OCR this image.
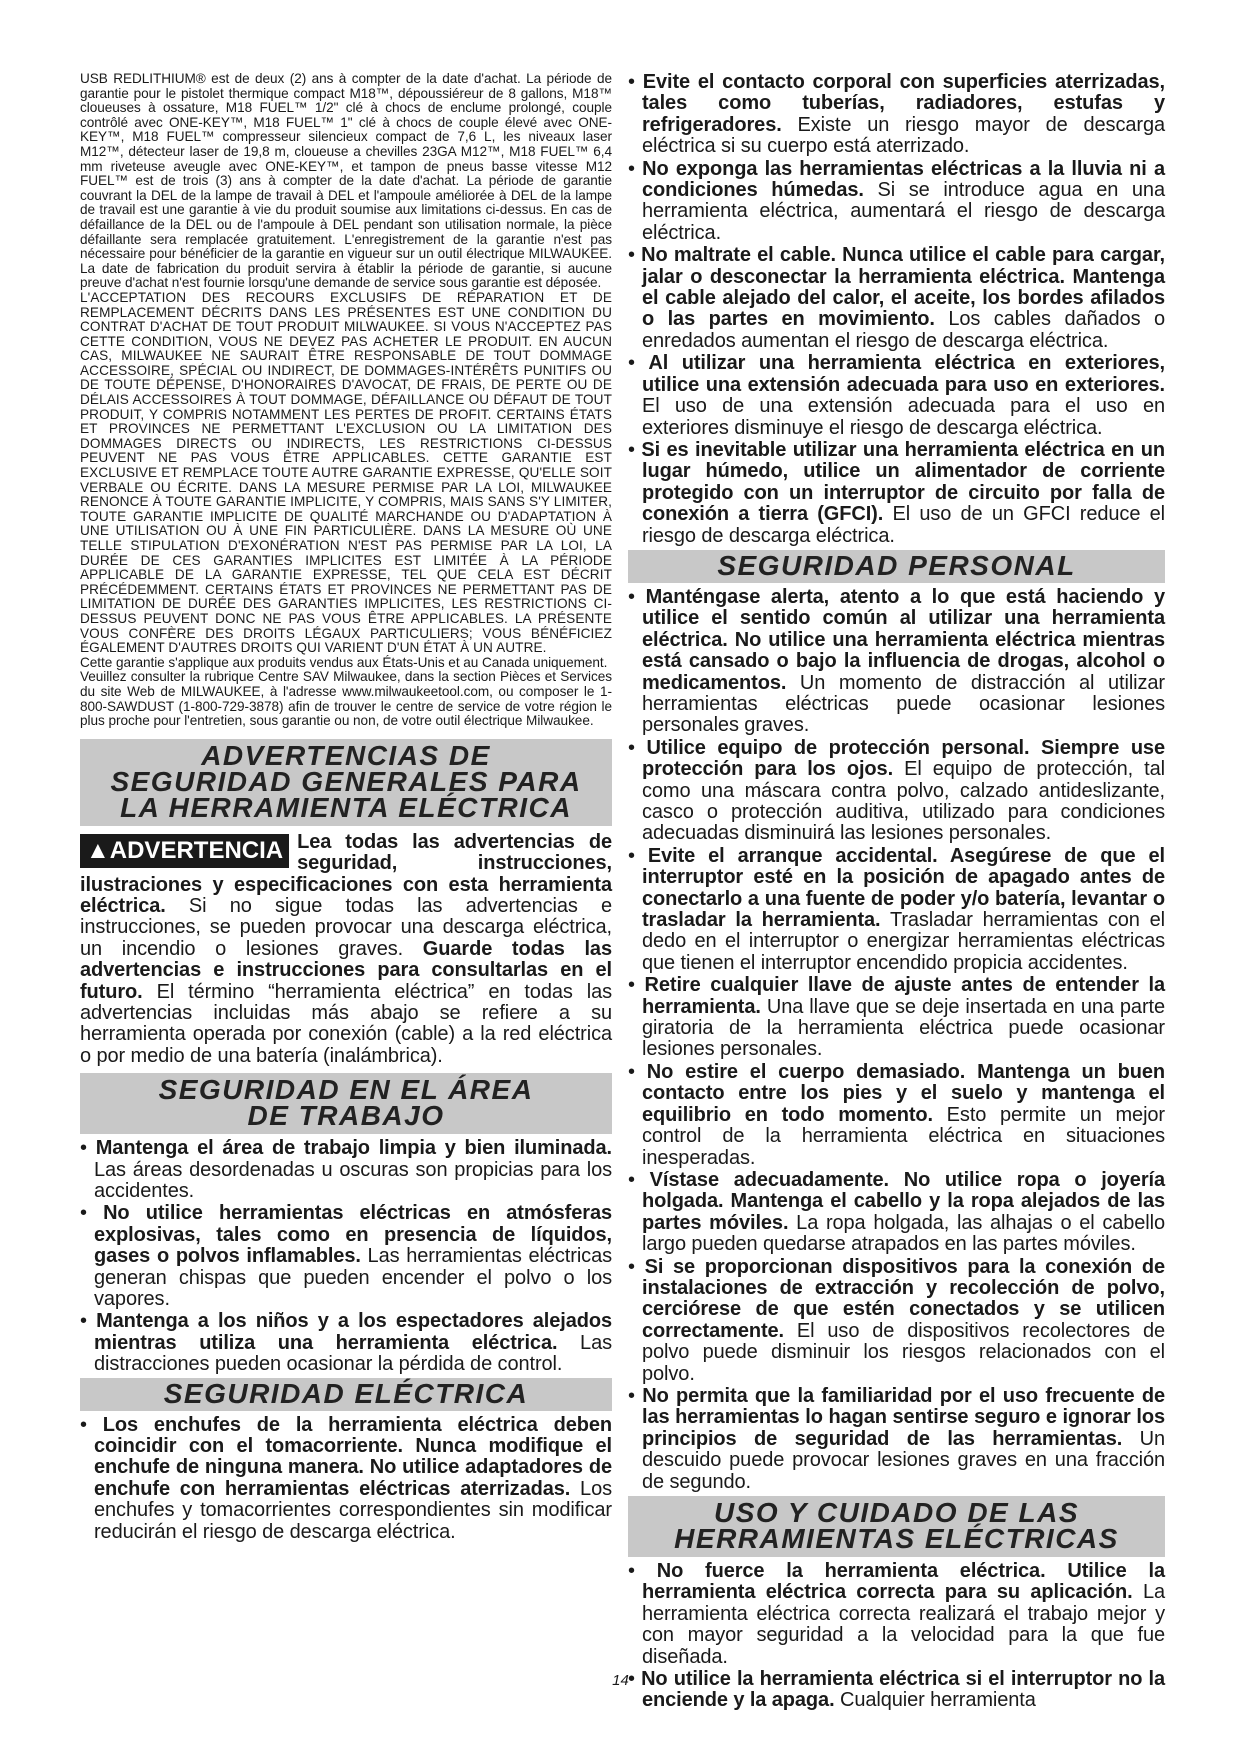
USB REDLITHIUM® est de deux (2) ans à compter de la date d'achat. La période de garantie pour le pistolet thermique compact M18™, dépoussiéreur de 8 gallons, M18™ cloueuses à ossature, M18 FUEL™ 1/2" clé à chocs de enclume prolongé, couple contrôlé avec ONE-KEY™, M18 FUEL™ 1" clé à chocs de couple élevé avec ONE-KEY™, M18 FUEL™ compresseur silencieux compact de 7,6 L, les niveaux laser M12™, détecteur laser de 19,8 m, cloueuse a chevilles 23GA M12™, M18 FUEL™ 6,4 mm riveteuse aveugle avec ONE-KEY™, et tampon de pneus basse vitesse M12 FUEL™ est de trois (3) ans à compter de la date d'achat. La période de garantie couvrant la DEL de la lampe de travail à DEL et l'ampoule améliorée à DEL de la lampe de travail est une garantie à vie du produit soumise aux limitations ci-dessus. En cas de défaillance de la DEL ou de l'ampoule à DEL pendant son utilisation normale, la pièce défaillante sera remplacée gratuitement. L'enregistrement de la garantie n'est pas nécessaire pour bénéficier de la garantie en vigueur sur un outil électrique MILWAUKEE. La date de fabrication du produit servira à établir la période de garantie, si aucune preuve d'achat n'est fournie lorsqu'une demande de service sous garantie est déposée.

L'ACCEPTATION DES RECOURS EXCLUSIFS DE RÉPARATION ET DE REMPLACEMENT DÉCRITS DANS LES PRÉSENTES EST UNE CONDITION DU CONTRAT D'ACHAT DE TOUT PRODUIT MILWAUKEE. SI VOUS N'ACCEPTEZ PAS CETTE CONDITION, VOUS NE DEVEZ PAS ACHETER LE PRODUIT. EN AUCUN CAS, MILWAUKEE NE SAURAIT ÊTRE RESPONSABLE DE TOUT DOMMAGE ACCESSOIRE, SPÉCIAL OU INDIRECT, DE DOMMAGES-INTÉRÊTS PUNITIFS OU DE TOUTE DÉPENSE, D'HONORAIRES D'AVOCAT, DE FRAIS, DE PERTE OU DE DÉLAIS ACCESSOIRES À TOUT DOMMAGE, DÉFAILLANCE OU DÉFAUT DE TOUT PRODUIT, Y COMPRIS NOTAMMENT LES PERTES DE PROFIT. CERTAINS ÉTATS ET PROVINCES NE PERMETTANT L'EXCLUSION OU LA LIMITATION DES DOMMAGES DIRECTS OU INDIRECTS, LES RESTRICTIONS CI-DESSUS PEUVENT NE PAS VOUS ÊTRE APPLICABLES. CETTE GARANTIE EST EXCLUSIVE ET REMPLACE TOUTE AUTRE GARANTIE EXPRESSE, QU'ELLE SOIT VERBALE OU ÉCRITE. DANS LA MESURE PERMISE PAR LA LOI, MILWAUKEE RENONCE À TOUTE GARANTIE IMPLICITE, Y COMPRIS, MAIS SANS S'Y LIMITER, TOUTE GARANTIE IMPLICITE DE QUALITÉ MARCHANDE OU D'ADAPTATION À UNE UTILISATION OU À UNE FIN PARTICULIÈRE. DANS LA MESURE OÙ UNE TELLE STIPULATION D'EXONÉRATION N'EST PAS PERMISE PAR LA LOI, LA DURÉE DE CES GARANTIES IMPLICITES EST LIMITÉE À LA PÉRIODE APPLICABLE DE LA GARANTIE EXPRESSE, TEL QUE CELA EST DÉCRIT PRÉCÉDEMMENT. CERTAINS ÉTATS ET PROVINCES NE PERMETTANT PAS DE LIMITATION DE DURÉE DES GARANTIES IMPLICITES, LES RESTRICTIONS CI-DESSUS PEUVENT DONC NE PAS VOUS ÊTRE APPLICABLES. LA PRÉSENTE VOUS CONFÈRE DES DROITS LÉGAUX PARTICULIERS; VOUS BÉNÉFICIEZ ÉGALEMENT D'AUTRES DROITS QUI VARIENT D'UN ÉTAT À UN AUTRE.

Cette garantie s'applique aux produits vendus aux États-Unis et au Canada uniquement.

Veuillez consulter la rubrique Centre SAV Milwaukee, dans la section Pièces et Services du site Web de MILWAUKEE, à l'adresse www.milwaukeetool.com, ou composer le 1-800-SAWDUST (1-800-729-3878) afin de trouver le centre de service de votre région le plus proche pour l'entretien, sous garantie ou non, de votre outil électrique Milwaukee.

ADVERTENCIAS DE SEGURIDAD GENERALES PARA LA HERRAMIENTA ELÉCTRICA
▲ADVERTENCIA Lea todas las advertencias de seguridad, instrucciones, ilustraciones y especificaciones con esta herramienta eléctrica. Si no sigue todas las advertencias e instrucciones, se pueden provocar una descarga eléctrica, un incendio o lesiones graves. Guarde todas las advertencias e instrucciones para consultarlas en el futuro. El término “herramienta eléctrica” en todas las advertencias incluidas más abajo se refiere a su herramienta operada por conexión (cable) a la red eléctrica o por medio de una batería (inalámbrica).

SEGURIDAD EN EL ÁREA DE TRABAJO

• Mantenga el área de trabajo limpia y bien iluminada. Las áreas desordenadas u oscuras son propicias para los accidentes.

• No utilice herramientas eléctricas en atmósferas explosivas, tales como en presencia de líquidos, gases o polvos inflamables. Las herramientas eléctricas generan chispas que pueden encender el polvo o los vapores.

• Mantenga a los niños y a los espectadores alejados mientras utiliza una herramienta eléctrica. Las distracciones pueden ocasionar la pérdida de control.

SEGURIDAD ELÉCTRICA

• Los enchufes de la herramienta eléctrica deben coincidir con el tomacorriente. Nunca modifique el enchufe de ninguna manera. No utilice adaptadores de enchufe con herramientas eléctricas aterrizadas. Los enchufes y tomacorrientes correspondientes sin modificar reducirán el riesgo de descarga eléctrica.

• Evite el contacto corporal con superficies aterrizadas, tales como tuberías, radiadores, estufas y refrigeradores. Existe un riesgo mayor de descarga eléctrica si su cuerpo está aterrizado.

• No exponga las herramientas eléctricas a la lluvia ni a condiciones húmedas. Si se introduce agua en una herramienta eléctrica, aumentará el riesgo de descarga eléctrica.

• No maltrate el cable. Nunca utilice el cable para cargar, jalar o desconectar la herramienta eléctrica. Mantenga el cable alejado del calor, el aceite, los bordes afilados o las partes en movimiento. Los cables dañados o enredados aumentan el riesgo de descarga eléctrica.

• Al utilizar una herramienta eléctrica en exteriores, utilice una extensión adecuada para uso en exteriores. El uso de una extensión adecuada para el uso en exteriores disminuye el riesgo de descarga eléctrica.

• Si es inevitable utilizar una herramienta eléctrica en un lugar húmedo, utilice un alimentador de corriente protegido con un interruptor de circuito por falla de conexión a tierra (GFCI). El uso de un GFCI reduce el riesgo de descarga eléctrica.

SEGURIDAD PERSONAL

• Manténgase alerta, atento a lo que está haciendo y utilice el sentido común al utilizar una herramienta eléctrica. No utilice una herramienta eléctrica mientras está cansado o bajo la influencia de drogas, alcohol o medicamentos. Un momento de distracción al utilizar herramientas eléctricas puede ocasionar lesiones personales graves.

• Utilice equipo de protección personal. Siempre use protección para los ojos. El equipo de protección, tal como una máscara contra polvo, calzado antideslizante, casco o protección auditiva, utilizado para condiciones adecuadas disminuirá las lesiones personales.

• Evite el arranque accidental. Asegúrese de que el interruptor esté en la posición de apagado antes de conectarlo a una fuente de poder y/o batería, levantar o trasladar la herramienta. Trasladar herramientas con el dedo en el interruptor o energizar herramientas eléctricas que tienen el interruptor encendido propicia accidentes.

• Retire cualquier llave de ajuste antes de entender la herramienta. Una llave que se deje insertada en una parte giratoria de la herramienta eléctrica puede ocasionar lesiones personales.

• No estire el cuerpo demasiado. Mantenga un buen contacto entre los pies y el suelo y mantenga el equilibrio en todo momento. Esto permite un mejor control de la herramienta eléctrica en situaciones inesperadas.

• Vístase adecuadamente. No utilice ropa o joyería holgada. Mantenga el cabello y la ropa alejados de las partes móviles. La ropa holgada, las alhajas o el cabello largo pueden quedarse atrapados en las partes móviles.

• Si se proporcionan dispositivos para la conexión de instalaciones de extracción y recolección de polvo, cerciórese de que estén conectados y se utilicen correctamente. El uso de dispositivos recolectores de polvo puede disminuir los riesgos relacionados con el polvo.

• No permita que la familiaridad por el uso frecuente de las herramientas lo hagan sentirse seguro e ignorar los principios de seguridad de las herramientas. Un descuido puede provocar lesiones graves en una fracción de segundo.

USO Y CUIDADO DE LAS HERRAMIENTAS ELÉCTRICAS

• No fuerce la herramienta eléctrica. Utilice la herramienta eléctrica correcta para su aplicación. La herramienta eléctrica correcta realizará el trabajo mejor y con mayor seguridad a la velocidad para la que fue diseñada.

• No utilice la herramienta eléctrica si el interruptor no la enciende y la apaga. Cualquier herramienta

14
